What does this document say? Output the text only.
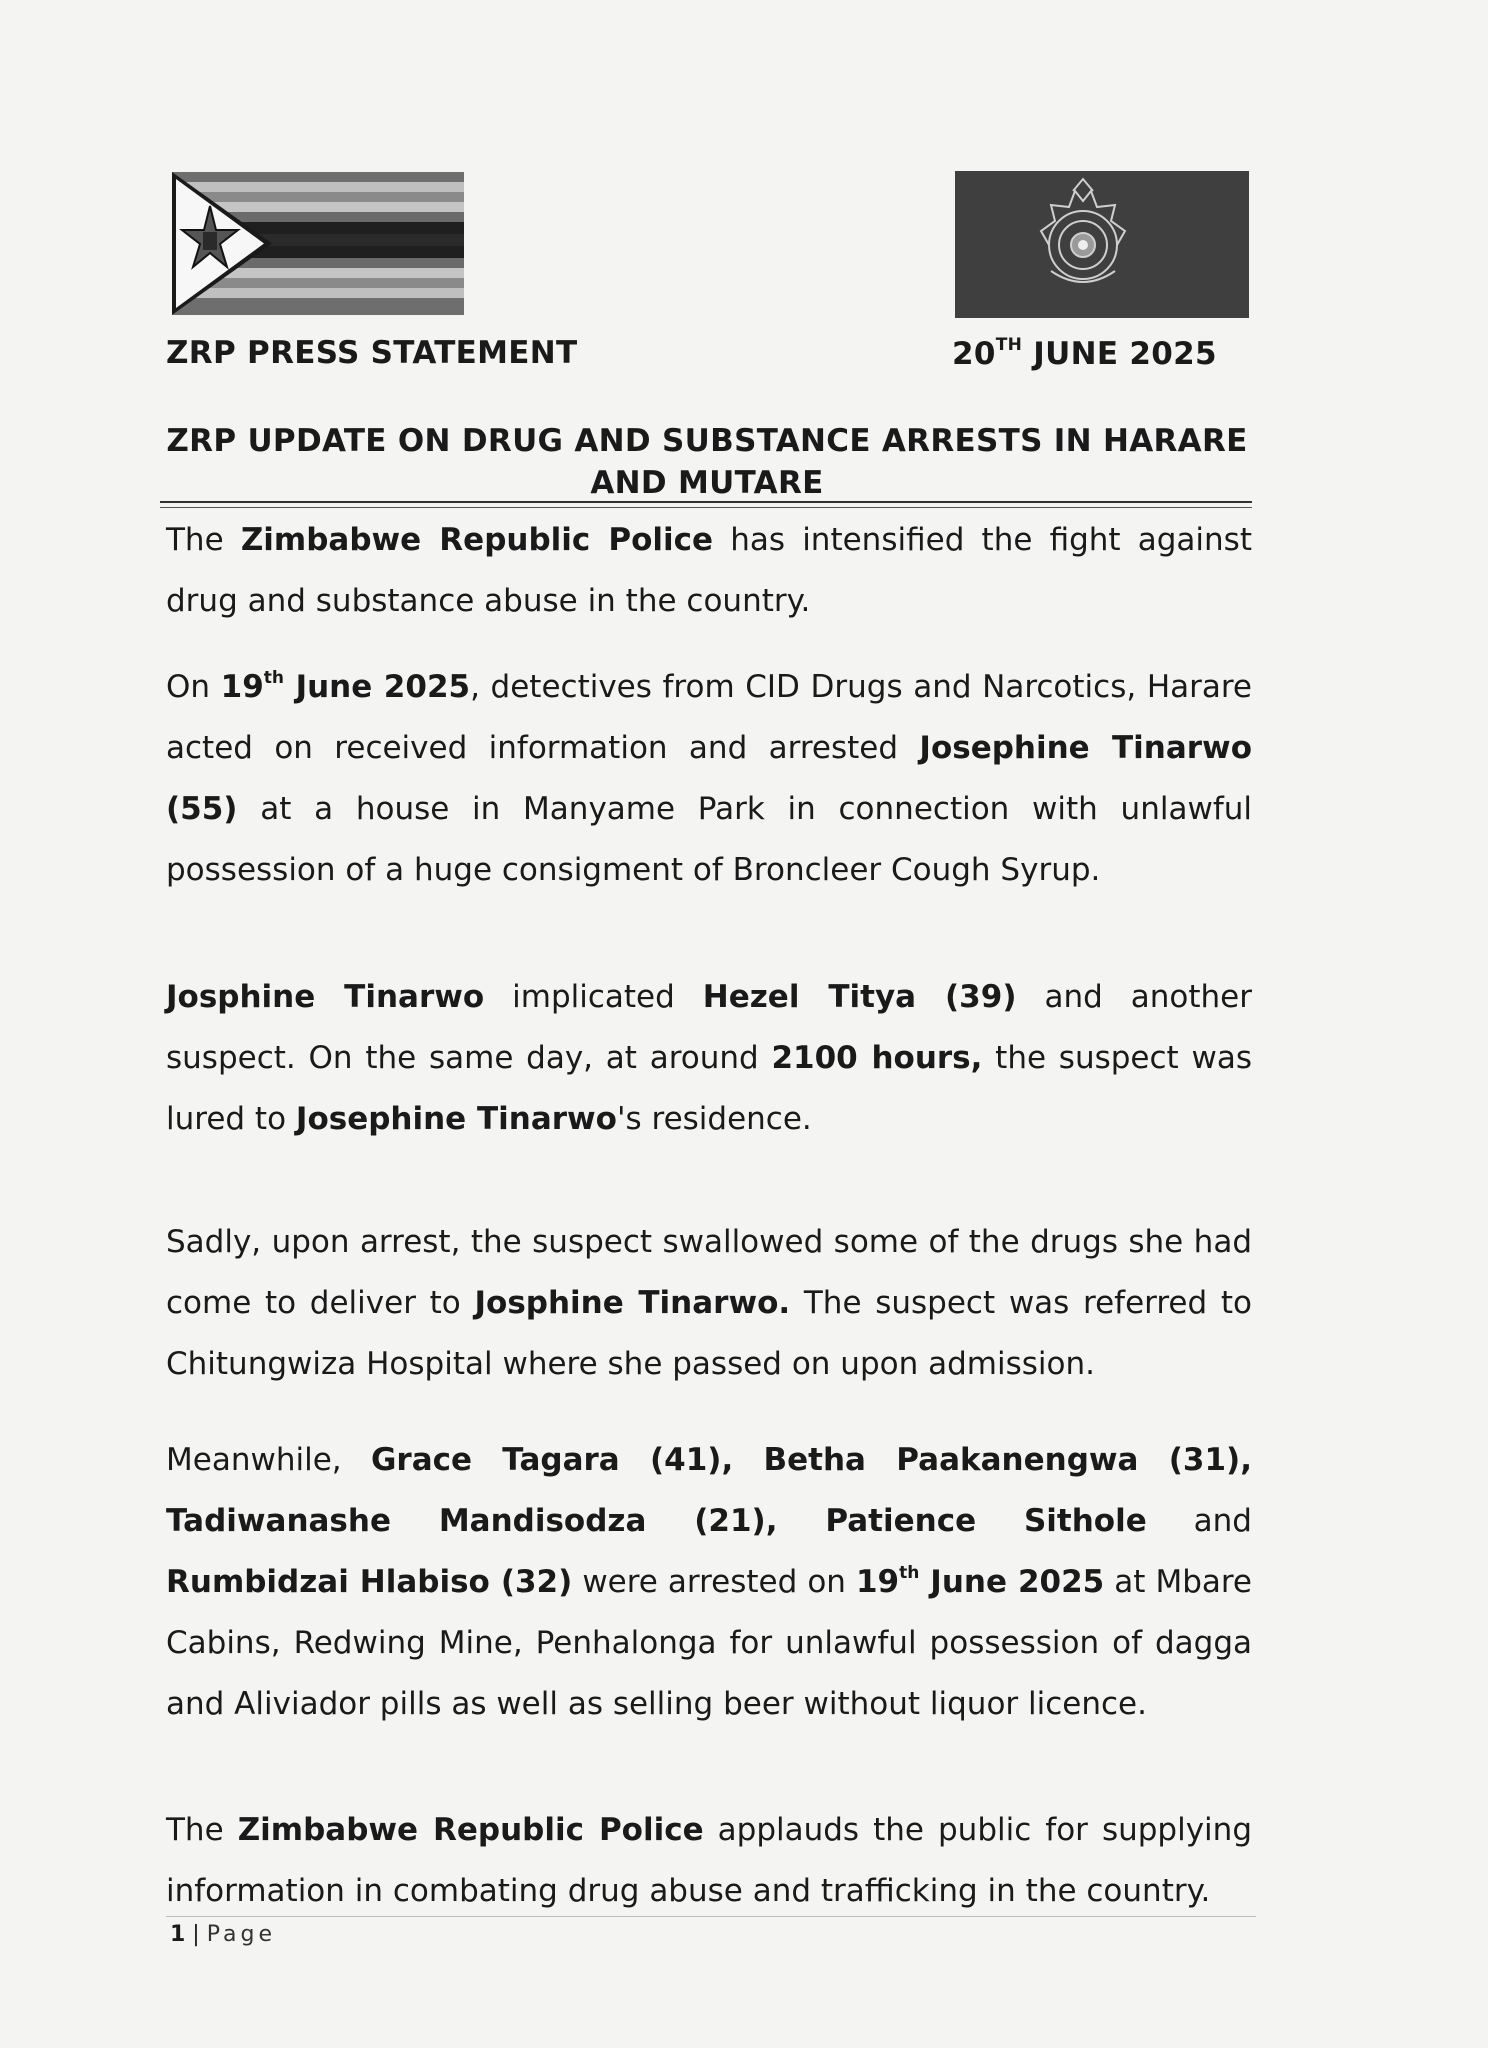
ZRP PRESS STATEMENT	20TH JUNE 2025
ZRP UPDATE ON DRUG AND SUBSTANCE ARRESTS IN HARARE
AND MUTARE
The Zimbabwe Republic Police has intensified the fight against drug and substance abuse in the country.
On 19th June 2025, detectives from CID Drugs and Narcotics, Harare acted on received information and arrested Josephine Tinarwo (55) at a house in Manyame Park in connection with unlawful possession of a huge consigment of Broncleer Cough Syrup.
Josphine Tinarwo implicated Hezel Titya (39) and another suspect. On the same day, at around 2100 hours, the suspect was lured to Josephine Tinarwo's residence.
Sadly, upon arrest, the suspect swallowed some of the drugs she had come to deliver to Josphine Tinarwo. The suspect was referred to Chitungwiza Hospital where she passed on upon admission.
Meanwhile, Grace Tagara (41), Betha Paakanengwa (31), Tadiwanashe Mandisodza (21), Patience Sithole and Rumbidzai Hlabiso (32) were arrested on 19th June 2025 at Mbare Cabins, Redwing Mine, Penhalonga for unlawful possession of dagga and Aliviador pills as well as selling beer without liquor licence.
The Zimbabwe Republic Police applauds the public for supplying information in combating drug abuse and trafficking in the country.
1 | Page
